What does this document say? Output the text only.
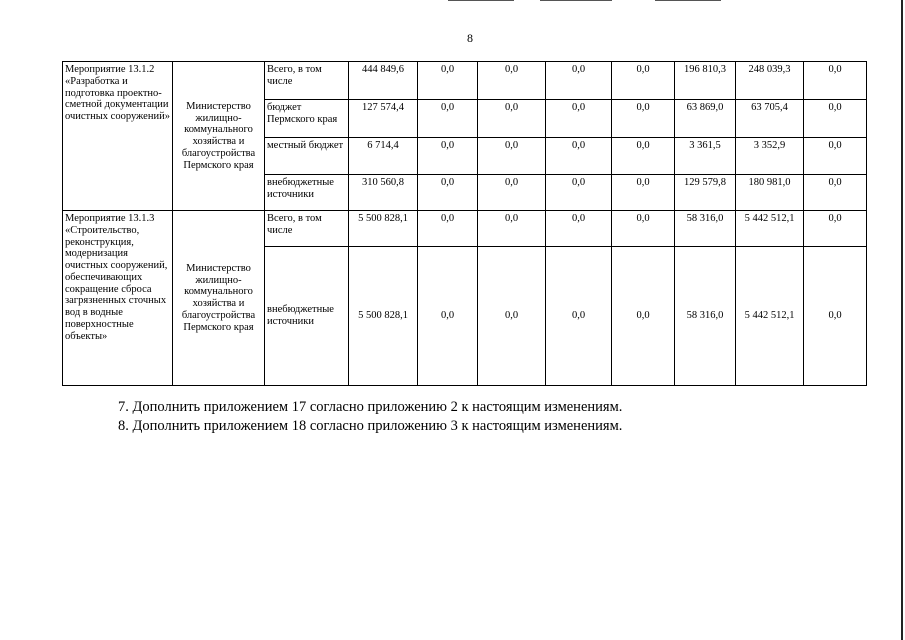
8
Мероприятие 13.1.2 «Разработка и подготовка проектно-сметной документации очистных сооружений»	Министерство жилищно-коммунального хозяйства и благоустройства Пермского края	Всего, в том числе	444 849,6	0,0	0,0	0,0	0,0	196 810,3	248 039,3	0,0
		бюджет Пермского края	127 574,4	0,0	0,0	0,0	0,0	63 869,0	63 705,4	0,0
		местный бюджет	6 714,4	0,0	0,0	0,0	0,0	3 361,5	3 352,9	0,0
		внебюджетные источники	310 560,8	0,0	0,0	0,0	0,0	129 579,8	180 981,0	0,0
Мероприятие 13.1.3 «Строительство, реконструкция, модернизация очистных сооружений, обеспечивающих сокращение сброса загрязненных сточных вод в водные поверхностные объекты»	Министерство жилищно-коммунального хозяйства и благоустройства Пермского края	Всего, в том числе	5 500 828,1	0,0	0,0	0,0	0,0	58 316,0	5 442 512,1	0,0
		внебюджетные источники	5 500 828,1	0,0	0,0	0,0	0,0	58 316,0	5 442 512,1	0,0
7. Дополнить приложением 17 согласно приложению 2 к настоящим изменениям.
8. Дополнить приложением 18 согласно приложению 3 к настоящим изменениям.
